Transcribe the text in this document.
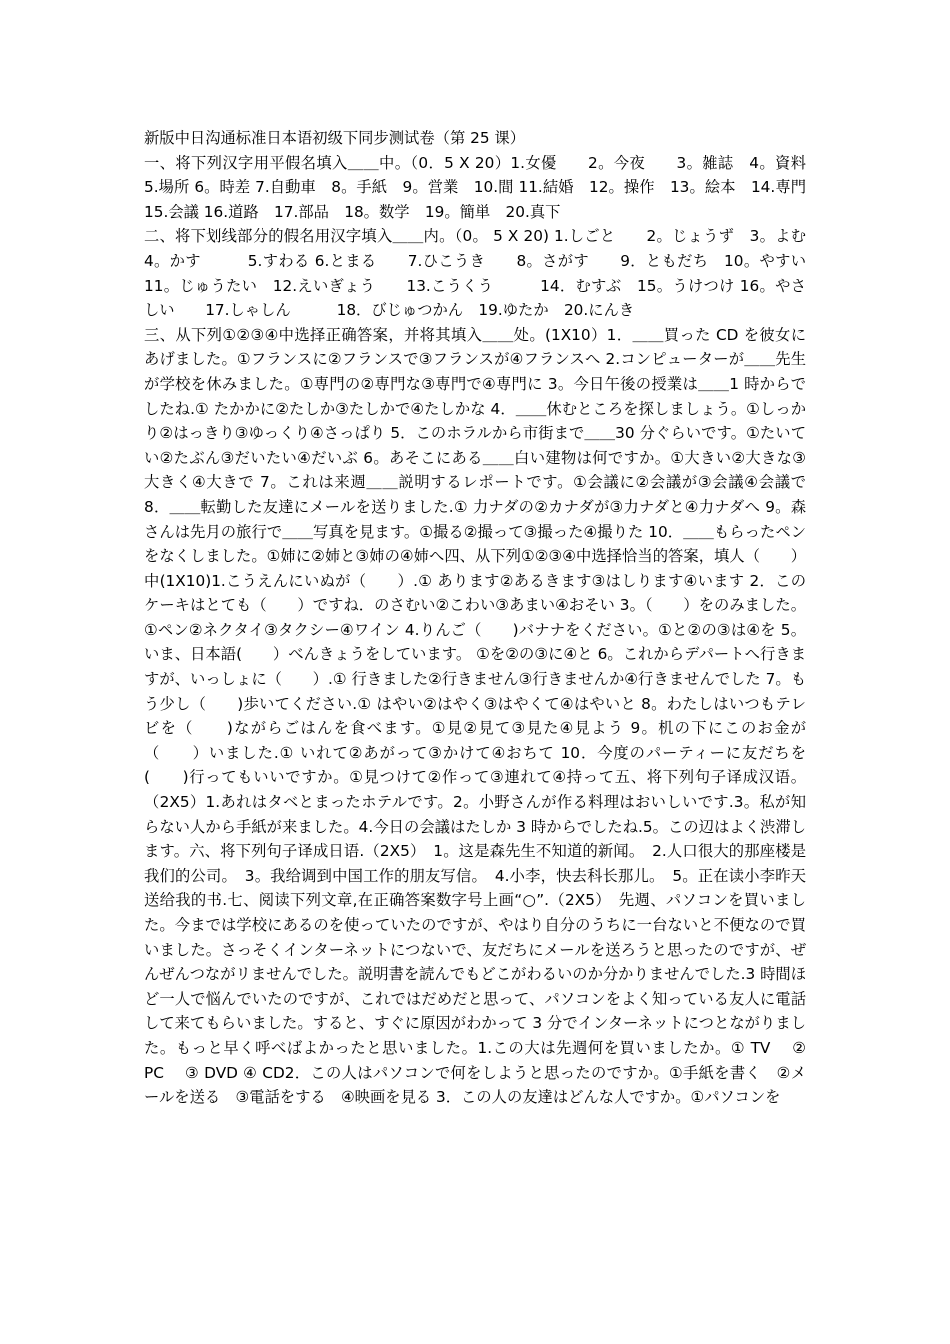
新版中日沟通标准日本语初级下同步测试卷（第 25 课）

一、将下列汉字用平假名填入＿＿中。（0．5 X 20）1.女優　　2。今夜　　3。雑誌　4。資料　5.場所 6。時差 7.自動車　8。手紙　9。営業　10.間 11.結婚　12。操作　13。絵本　14.専門　15.会議 16.道路　17.部品　18。数学　19。簡単　20.真下

二、将下划线部分的假名用汉字填入＿＿内。（0。 5 X 20) 1.しごと　　2。じょうず　3。よむ　　4。かす　　　5.すわる 6.とまる　　7.ひこうき　　8。さがす　　9．ともだち　10。やすい 11。じゅうたい　12.えいぎょう　　13.こうくう　　　14．むすぶ　15。うけつけ 16。やさしい　　17.しゃしん　　　18．びじゅつかん　19.ゆたか　20.にんき

三、从下列①②③④中选择正确答案，并将其填入＿＿处。(1X10）1．＿＿買った CD を彼女にあげました。①フランスに②フランスで③フランスが④フランスへ 2.コンピューターが＿＿先生が学校を休みました。①専門の②専門な③専門で④専門に 3。今日午後の授業は＿＿1 時からでしたね.① たかかに②たしか③たしかで④たしかな 4．＿＿休むところを探しましょう。①しっかり②はっきり③ゆっくり④さっぱり 5．このホラルから市街まで＿＿30 分ぐらいです。①たいてい②たぶん③だいたい④だいぶ 6。あそこにある＿＿白い建物は何ですか。①大きい②大きな③大きく④大きで 7。これは来週＿＿説明するレポートです。①会議に②会議が③会議④会議で 8．＿＿転勤した友達にメールを送りました.① 力ナダの②カナダが③力ナダと④力ナダへ 9。森さんは先月の旅行で＿＿写真を見ます。①撮る②撮って③撮った④撮りた 10．＿＿もらったペンをなくしました。①姉に②姉と③姉の④姉へ四、从下列①②③④中选择恰当的答案，填人（　　）中(1X10)1.こうえんにいぬが（　　）.① あります②あるきます③はしります④います 2．このケーキはとても（　　）ですね．のさむい②こわい③あまい④おそい 3。（　　）をのみました。①ペン②ネクタイ③タクシー④ワイン 4.りんご（　　)バナナをください。①と②の③は④を 5。いま、日本語(　　）べんきょうをしています。 ①を②の③に④と 6。これからデパートへ行きますが、いっしょに（　　）.① 行きました②行きません③行きませんか④行きませんでした 7。もう少し（　　)歩いてください.① はやい②はやく③はやくて④はやいと 8。わたしはいつもテレビを（　　)ながらごはんを食べます。①見②見て③見た④見よう 9。机の下にこのお金が（　　）いました.① いれて②あがって③かけて④おちて 10．今度のパーティーに友だちを(　　)行ってもいいですか。①見つけて②作って③連れて④持って五、将下列句子译成汉语。（2X5）1.あれはタベとまったホテルです。2。小野さんが作る料理はおいしいです.3。私が知らない人から手紙が来ました。4.今日の会議はたしか 3 時からでしたね.5。この辺はよく渋滞します。六、将下列句子译成日语.（2X5）　1。这是森先生不知道的新闻。　2.人口很大的那座楼是我们的公司。　3。我给调到中国工作的朋友写信。　4.小李，快去科长那儿。　5。正在读小李昨天送给我的书.七、阅读下列文章,在正确答案数字号上画“○”.（2X5）　先週、パソコンを買いました。今までは学校にあるのを使っていたのですが、やはり自分のうちに一台ないと不便なので買いました。さっそくインターネットにつないで、友だちにメールを送ろうと思ったのですが、ぜんぜんつながリませんでした。説明書を読んでもどこがわるいのか分かりませんでした.3 時間ほど一人で悩んでいたのですが、これではだめだと思って、パソコンをよく知っている友人に電話して来てもらいました。すると、すぐに原因がわかって 3 分でインターネットにつとながりました。もっと早く呼べばよかったと思いました。1.この大は先週何を買いましたか。① TV　 ② PC　 ③ DVD ④ CD2．この人はパソコンで何をしようと思ったのですか。①手紙を書く　②メールを送る　③電話をする　④映画を見る 3．この人の友達はどんな人ですか。①パソコンを
